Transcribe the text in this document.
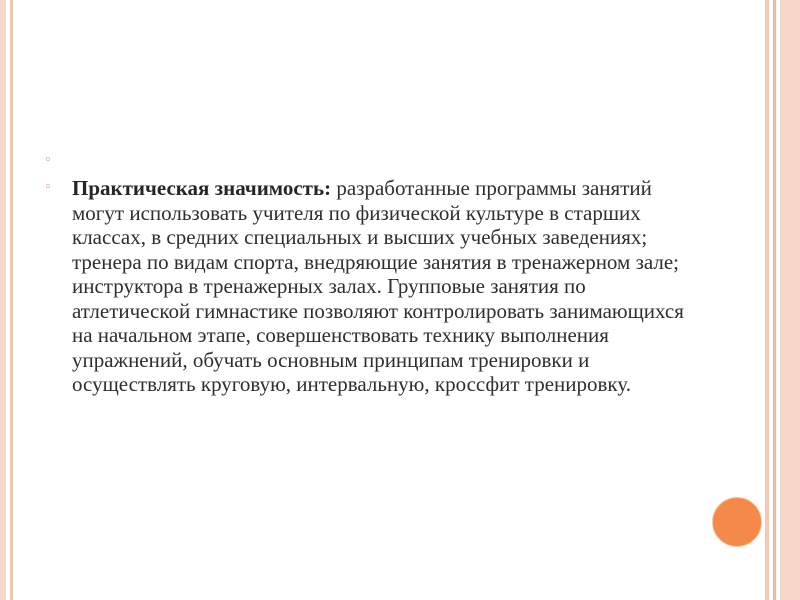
◦
◦ Практическая значимость: разработанные программы занятий могут использовать учителя по физической культуре в старших классах, в средних специальных и высших учебных заведениях; тренера по видам спорта, внедряющие занятия в тренажерном зале; инструктора в тренажерных залах. Групповые занятия по атлетической гимнастике позволяют контролировать занимающихся на начальном этапе, совершенствовать технику выполнения упражнений, обучать основным принципам тренировки и осуществлять круговую, интервальную, кроссфит тренировку.
